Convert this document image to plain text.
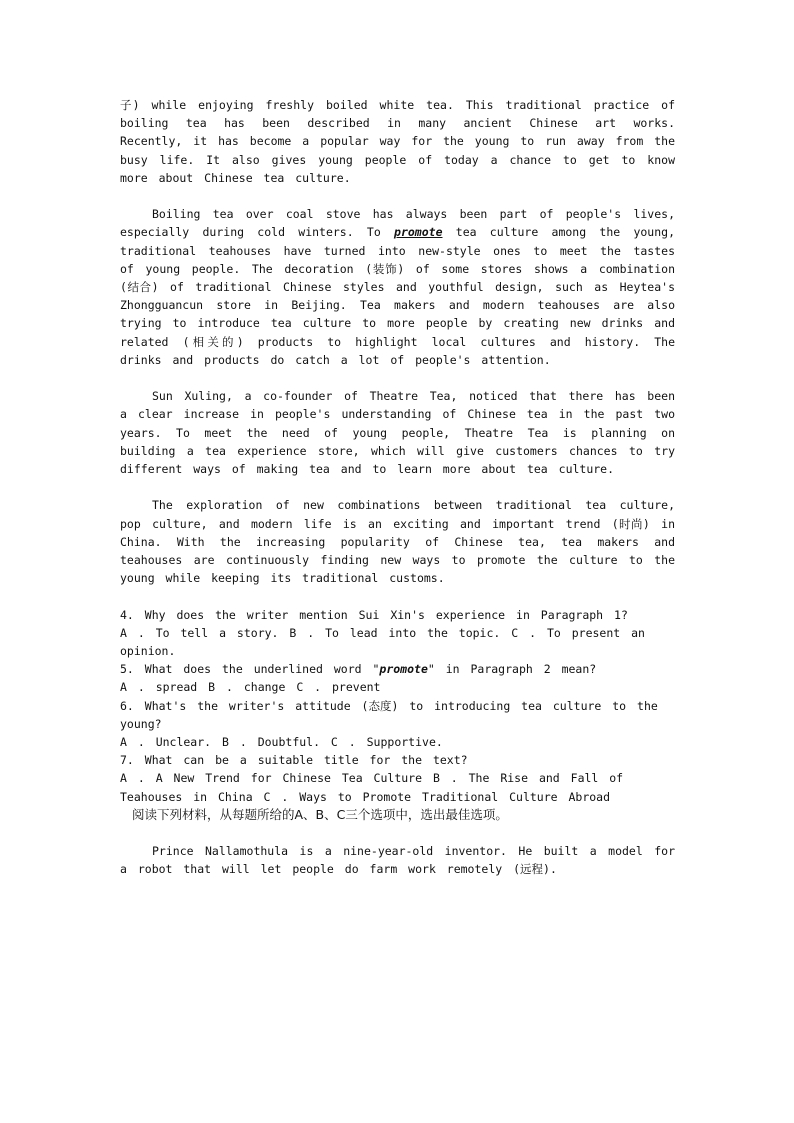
子) while enjoying freshly boiled white tea. This traditional practice of boiling tea has been described in many ancient Chinese art works. Recently, it has become a popular way for the young to run away from the busy life. It also gives young people of today a chance to get to know more about Chinese tea culture.

Boiling tea over coal stove has always been part of people's lives, especially during cold winters. To promote tea culture among the young, traditional teahouses have turned into new-style ones to meet the tastes of young people. The decoration (装饰) of some stores shows a combination (结合) of traditional Chinese styles and youthful design, such as Heytea's Zhongguancun store in Beijing. Tea makers and modern teahouses are also trying to introduce tea culture to more people by creating new drinks and related (相关的) products to highlight local cultures and history. The drinks and products do catch a lot of people's attention.

Sun Xuling, a co-founder of Theatre Tea, noticed that there has been a clear increase in people's understanding of Chinese tea in the past two years. To meet the need of young people, Theatre Tea is planning on building a tea experience store, which will give customers chances to try different ways of making tea and to learn more about tea culture.

The exploration of new combinations between traditional tea culture, pop culture, and modern life is an exciting and important trend (时尚) in China. With the increasing popularity of Chinese tea, tea makers and teahouses are continuously finding new ways to promote the culture to the young while keeping its traditional customs.

4. Why does the writer mention Sui Xin's experience in Paragraph 1?

A . To tell a story. B . To lead into the topic. C . To present an opinion.

5. What does the underlined word "promote" in Paragraph 2 mean?

A . spread B . change C . prevent

6. What's the writer's attitude (态度) to introducing tea culture to the young?

A . Unclear. B . Doubtful. C . Supportive.

7. What can be a suitable title for the text?

A . A New Trend for Chinese Tea Culture B . The Rise and Fall of Teahouses in China C . Ways to Promote Traditional Culture Abroad

阅读下列材料，从每题所给的A、B、C三个选项中，选出最佳选项。

Prince Nallamothula is a nine-year-old inventor. He built a model for a robot that will let people do farm work remotely (远程).
